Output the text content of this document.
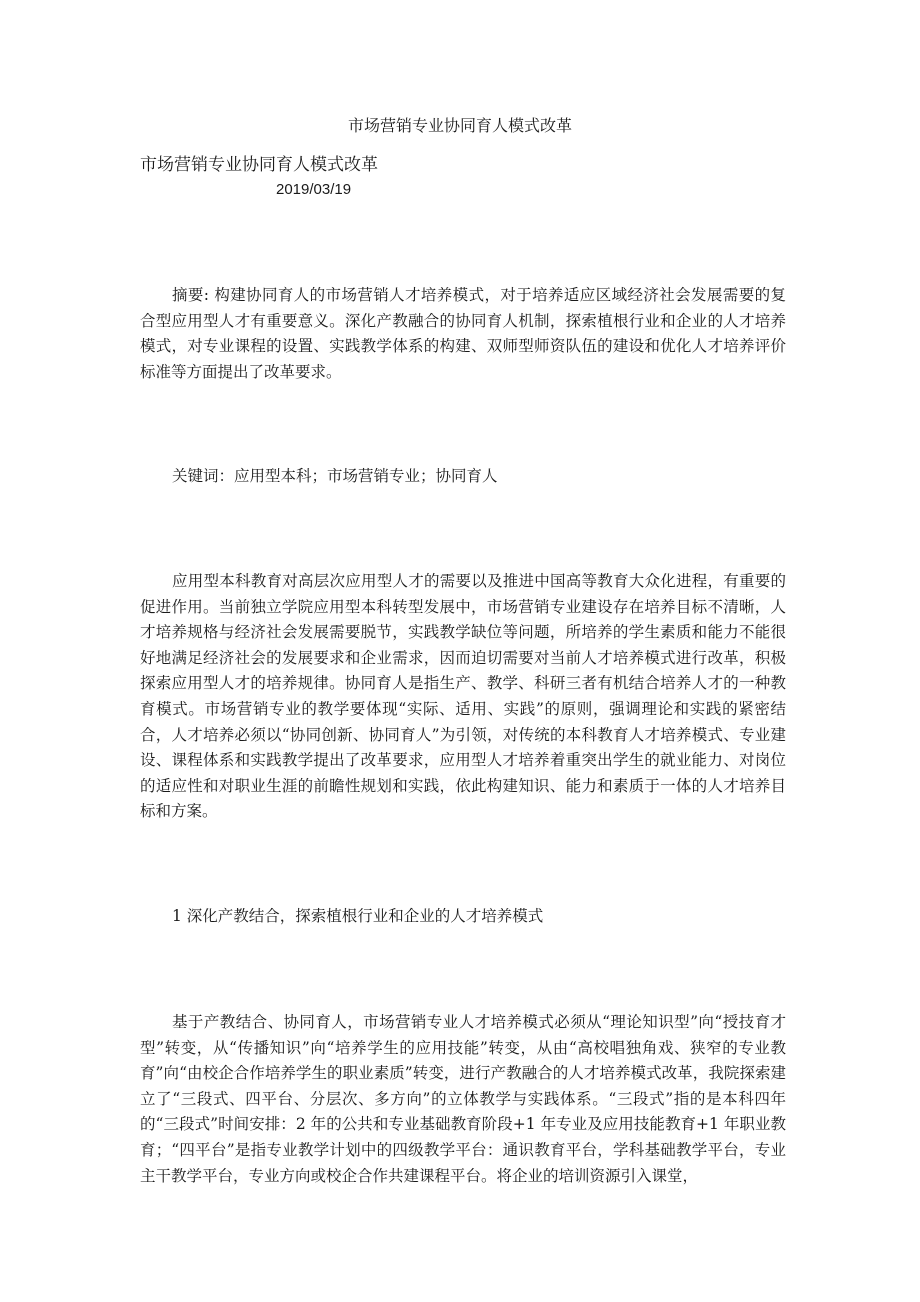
市场营销专业协同育人模式改革
市场营销专业协同育人模式改革
2019/03/19

摘要: 构建协同育人的市场营销人才培养模式，对于培养适应区域经济社会发展需要的复合型应用型人才有重要意义。深化产教融合的协同育人机制，探索植根行业和企业的人才培养模式，对专业课程的设置、实践教学体系的构建、双师型师资队伍的建设和优化人才培养评价标准等方面提出了改革要求。

关键词：应用型本科；市场营销专业；协同育人

应用型本科教育对高层次应用型人才的需要以及推进中国高等教育大众化进程，有重要的促进作用。当前独立学院应用型本科转型发展中，市场营销专业建设存在培养目标不清晰，人才培养规格与经济社会发展需要脱节，实践教学缺位等问题，所培养的学生素质和能力不能很好地满足经济社会的发展要求和企业需求，因而迫切需要对当前人才培养模式进行改革，积极探索应用型人才的培养规律。协同育人是指生产、教学、科研三者有机结合培养人才的一种教育模式。市场营销专业的教学要体现“实际、适用、实践”的原则，强调理论和实践的紧密结合，人才培养必须以“协同创新、协同育人”为引领，对传统的本科教育人才培养模式、专业建设、课程体系和实践教学提出了改革要求，应用型人才培养着重突出学生的就业能力、对岗位的适应性和对职业生涯的前瞻性规划和实践，依此构建知识、能力和素质于一体的人才培养目标和方案。

1 深化产教结合，探索植根行业和企业的人才培养模式

基于产教结合、协同育人，市场营销专业人才培养模式必须从“理论知识型”向“授技育才型”转变，从“传播知识”向“培养学生的应用技能”转变，从由“高校唱独角戏、狭窄的专业教育”向“由校企合作培养学生的职业素质”转变，进行产教融合的人才培养模式改革，我院探索建立了“三段式、四平台、分层次、多方向”的立体教学与实践体系。“三段式”指的是本科四年的“三段式”时间安排：2 年的公共和专业基础教育阶段+1 年专业及应用技能教育+1 年职业教育；“四平台”是指专业教学计划中的四级教学平台：通识教育平台，学科基础教学平台，专业主干教学平台，专业方向或校企合作共建课程平台。将企业的培训资源引入课堂，
